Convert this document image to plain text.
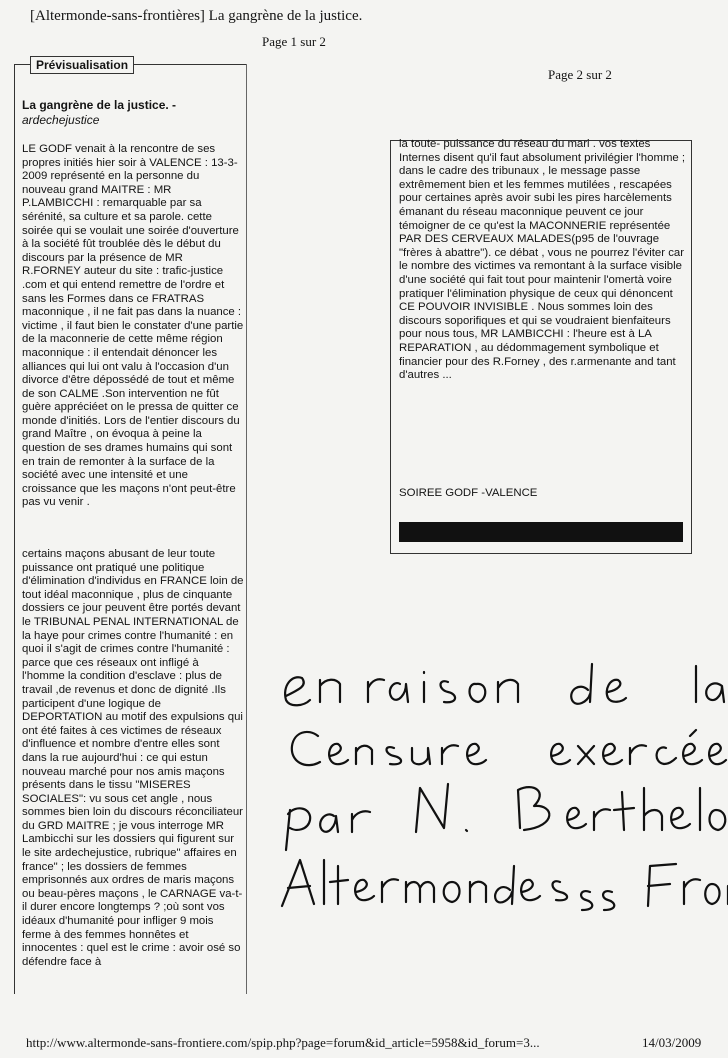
[Altermonde-sans-frontières] La gangrène de la justice.
Page 1 sur 2
Page 2 sur 2
Prévisualisation
La gangrène de la justice. -
ardechejustice
LE GODF venait à la rencontre de ses propres initiés hier soir à VALENCE : 13-3-2009 représenté en la personne du nouveau grand MAITRE : MR P.LAMBICCHI : remarquable par sa sérénité, sa culture et sa parole. cette soirée qui se voulait une soirée d'ouverture à la société fût troublée dès le début du discours par la présence de MR R.FORNEY auteur du site : trafic-justice .com et qui entend remettre de l'ordre et sans les Formes dans ce FRATRAS maconnique , il ne fait pas dans la nuance : victime , il faut bien le constater d'une partie de la maconnerie de cette même région maconnique : il entendait dénoncer les alliances qui lui ont valu à l'occasion d'un divorce d'être dépossédé de tout et même de son CALME .Son intervention ne fût guère appréciéet on le pressa de quitter ce monde d'initiés. Lors de l'entier discours du grand Maître , on évoqua à peine la question de ses drames humains qui sont en train de remonter à la surface de la société avec une intensité et une croissance que les maçons n'ont peut-être pas vu venir .
certains maçons abusant de leur toute puissance ont pratiqué une politique d'élimination d'individus en FRANCE loin de tout idéal maconnique , plus de cinquante dossiers ce jour peuvent être portés devant le TRIBUNAL PENAL INTERNATIONAL de la haye pour crimes contre l'humanité : en quoi il s'agit de crimes contre l'humanité : parce que ces réseaux ont infligé à l'homme la condition d'esclave : plus de travail ,de revenus et donc de dignité .Ils participent d'une logique de DEPORTATION au motif des expulsions qui ont été faites à ces victimes de réseaux d'influence et nombre d'entre elles sont dans la rue aujourd'hui : ce qui estun nouveau marché pour nos amis maçons présents dans le tissu "MISERES SOCIALES": vu sous cet angle , nous sommes bien loin du discours réconciliateur du GRD MAITRE ; je vous interroge MR Lambicchi sur les dossiers qui figurent sur le site ardechejustice, rubrique" affaires en france" ; les dossiers de femmes emprisonnés aux ordres de maris maçons ou beau-pères maçons , le CARNAGE va-t-il durer encore longtemps ? ;où sont vos idéaux d'humanité pour infliger 9 mois ferme à des femmes honnêtes et innocentes : quel est le crime : avoir osé so défendre face à
la toute- puissance du réseau du mari . vos textes Internes disent qu'il faut absolument privilégier l'homme ; dans le cadre des tribunaux , le message passe extrêmement bien et les femmes mutilées , rescapées pour certaines après avoir subi les pires harcèlements émanant du réseau maconnique peuvent ce jour témoigner de ce qu'est la MACONNERIE représentée PAR DES CERVEAUX MALADES(p95 de l'ouvrage "frères à abattre"). ce débat , vous ne pourrez l'éviter car le nombre des victimes va remontant à la surface visible d'une société qui fait tout pour maintenir l'omertà voire pratiquer l'élimination physique de ceux qui dénoncent CE POUVOIR INVISIBLE . Nous sommes loin des discours soporifiques et qui se voudraient bienfaiteurs pour nous tous, MR LAMBICCHI : l'heure est à LA REPARATION , au dédommagement symbolique et financier pour des R.Forney , des r.armenante and tant d'autres ...
SOIREE GODF -VALENCE
http://www.altermonde-sans-frontiere.com/spip.php?page=forum&id_article=5958&id_forum=3...	14/03/2009
